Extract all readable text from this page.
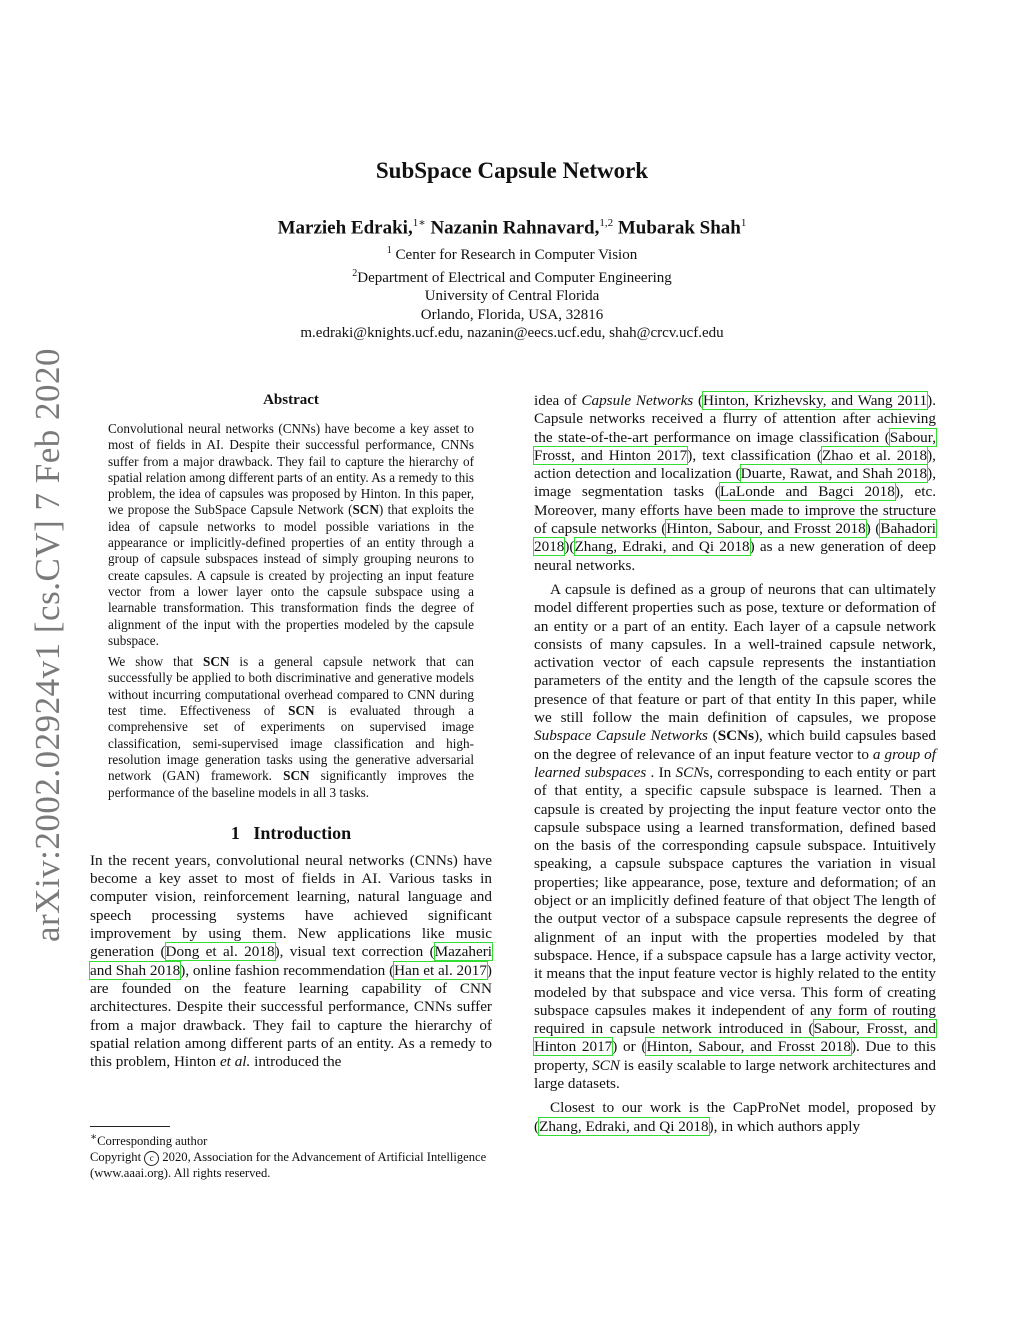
arXiv:2002.02924v1 [cs.CV] 7 Feb 2020
SubSpace Capsule Network
Marzieh Edraki,$^{1∗}$ Nazanin Rahnavard,$^{1,2}$ Mubarak Shah$^1$
$^1$ Center for Research in Computer Vision
$^2$Department of Electrical and Computer Engineering
University of Central Florida
Orlando, Florida, USA, 32816
m.edraki@knights.ucf.edu, nazanin@eecs.ucf.edu, shah@crcv.ucf.edu
Abstract

Convolutional neural networks (CNNs) have become a key asset to most of fields in AI. Despite their successful performance, CNNs suffer from a major drawback. They fail to capture the hierarchy of spatial relation among different parts of an entity. As a remedy to this problem, the idea of capsules was proposed by Hinton. In this paper, we propose the SubSpace Capsule Network (SCN) that exploits the idea of capsule networks to model possible variations in the appearance or implicitly-defined properties of an entity through a group of capsule subspaces instead of simply grouping neurons to create capsules. A capsule is created by projecting an input feature vector from a lower layer onto the capsule subspace using a learnable transformation. This transformation finds the degree of alignment of the input with the properties modeled by the capsule subspace.

We show that SCN is a general capsule network that can successfully be applied to both discriminative and generative models without incurring computational overhead compared to CNN during test time. Effectiveness of SCN is evaluated through a comprehensive set of experiments on supervised image classification, semi-supervised image classification and high-resolution image generation tasks using the generative adversarial network (GAN) framework. SCN significantly improves the performance of the baseline models in all 3 tasks.

1 Introduction

In the recent years, convolutional neural networks (CNNs) have become a key asset to most of fields in AI. Various tasks in computer vision, reinforcement learning, natural language and speech processing systems have achieved significant improvement by using them. New applications like music generation (Dong et al. 2018), visual text correction (Mazaheri and Shah 2018), online fashion recommendation (Han et al. 2017) are founded on the feature learning capability of CNN architectures. Despite their successful performance, CNNs suffer from a major drawback. They fail to capture the hierarchy of spatial relation among different parts of an entity. As a remedy to this problem, Hinton et al. introduced the

∗Corresponding author

Copyright c 2020, Association for the Advancement of Artificial Intelligence (www.aaai.org). All rights reserved.

idea of Capsule Networks (Hinton, Krizhevsky, and Wang 2011). Capsule networks received a flurry of attention after achieving the state-of-the-art performance on image classification (Sabour, Frosst, and Hinton 2017), text classification (Zhao et al. 2018), action detection and localization (Duarte, Rawat, and Shah 2018), image segmentation tasks (LaLonde and Bagci 2018), etc. Moreover, many efforts have been made to improve the structure of capsule networks (Hinton, Sabour, and Frosst 2018) (Bahadori 2018)(Zhang, Edraki, and Qi 2018) as a new generation of deep neural networks.

A capsule is defined as a group of neurons that can ultimately model different properties such as pose, texture or deformation of an entity or a part of an entity. Each layer of a capsule network consists of many capsules. In a well-trained capsule network, activation vector of each capsule represents the instantiation parameters of the entity and the length of the capsule scores the presence of that feature or part of that entity In this paper, while we still follow the main definition of capsules, we propose Subspace Capsule Networks (SCNs), which build capsules based on the degree of relevance of an input feature vector to a group of learned subspaces . In SCNs, corresponding to each entity or part of that entity, a specific capsule subspace is learned. Then a capsule is created by projecting the input feature vector onto the capsule subspace using a learned transformation, defined based on the basis of the corresponding capsule subspace. Intuitively speaking, a capsule subspace captures the variation in visual properties; like appearance, pose, texture and deformation; of an object or an implicitly defined feature of that object The length of the output vector of a subspace capsule represents the degree of alignment of an input with the properties modeled by that subspace. Hence, if a subspace capsule has a large activity vector, it means that the input feature vector is highly related to the entity modeled by that subspace and vice versa. This form of creating subspace capsules makes it independent of any form of routing required in capsule network introduced in (Sabour, Frosst, and Hinton 2017) or (Hinton, Sabour, and Frosst 2018). Due to this property, SCN is easily scalable to large network architectures and large datasets.

Closest to our work is the CapProNet model, proposed by (Zhang, Edraki, and Qi 2018), in which authors apply
